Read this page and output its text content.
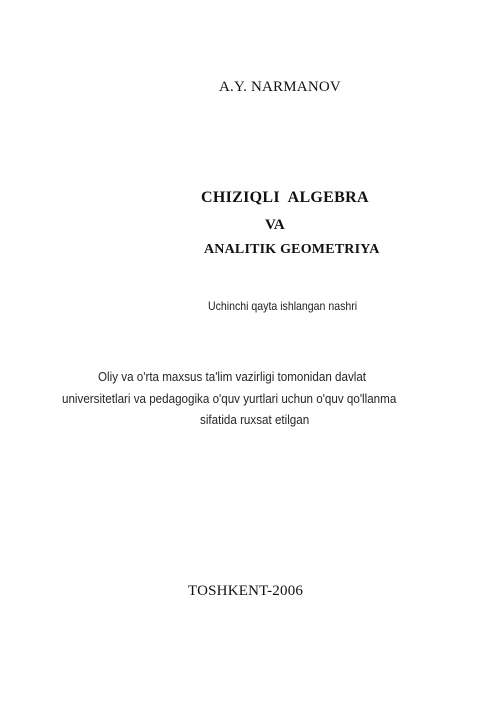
A.Y. NARMANOV

CHIZIQLI  ALGEBRA

VA

ANALITIK GEOMETRIYA

Uchinchi qayta ishlangan nashri

Oliy va o'rta maxsus ta'lim vazirligi tomonidan davlat

universitetlari va pedagogika o'quv yurtlari uchun o'quv qo'llanma

sifatida ruxsat etilgan

TOSHKENT-2006
